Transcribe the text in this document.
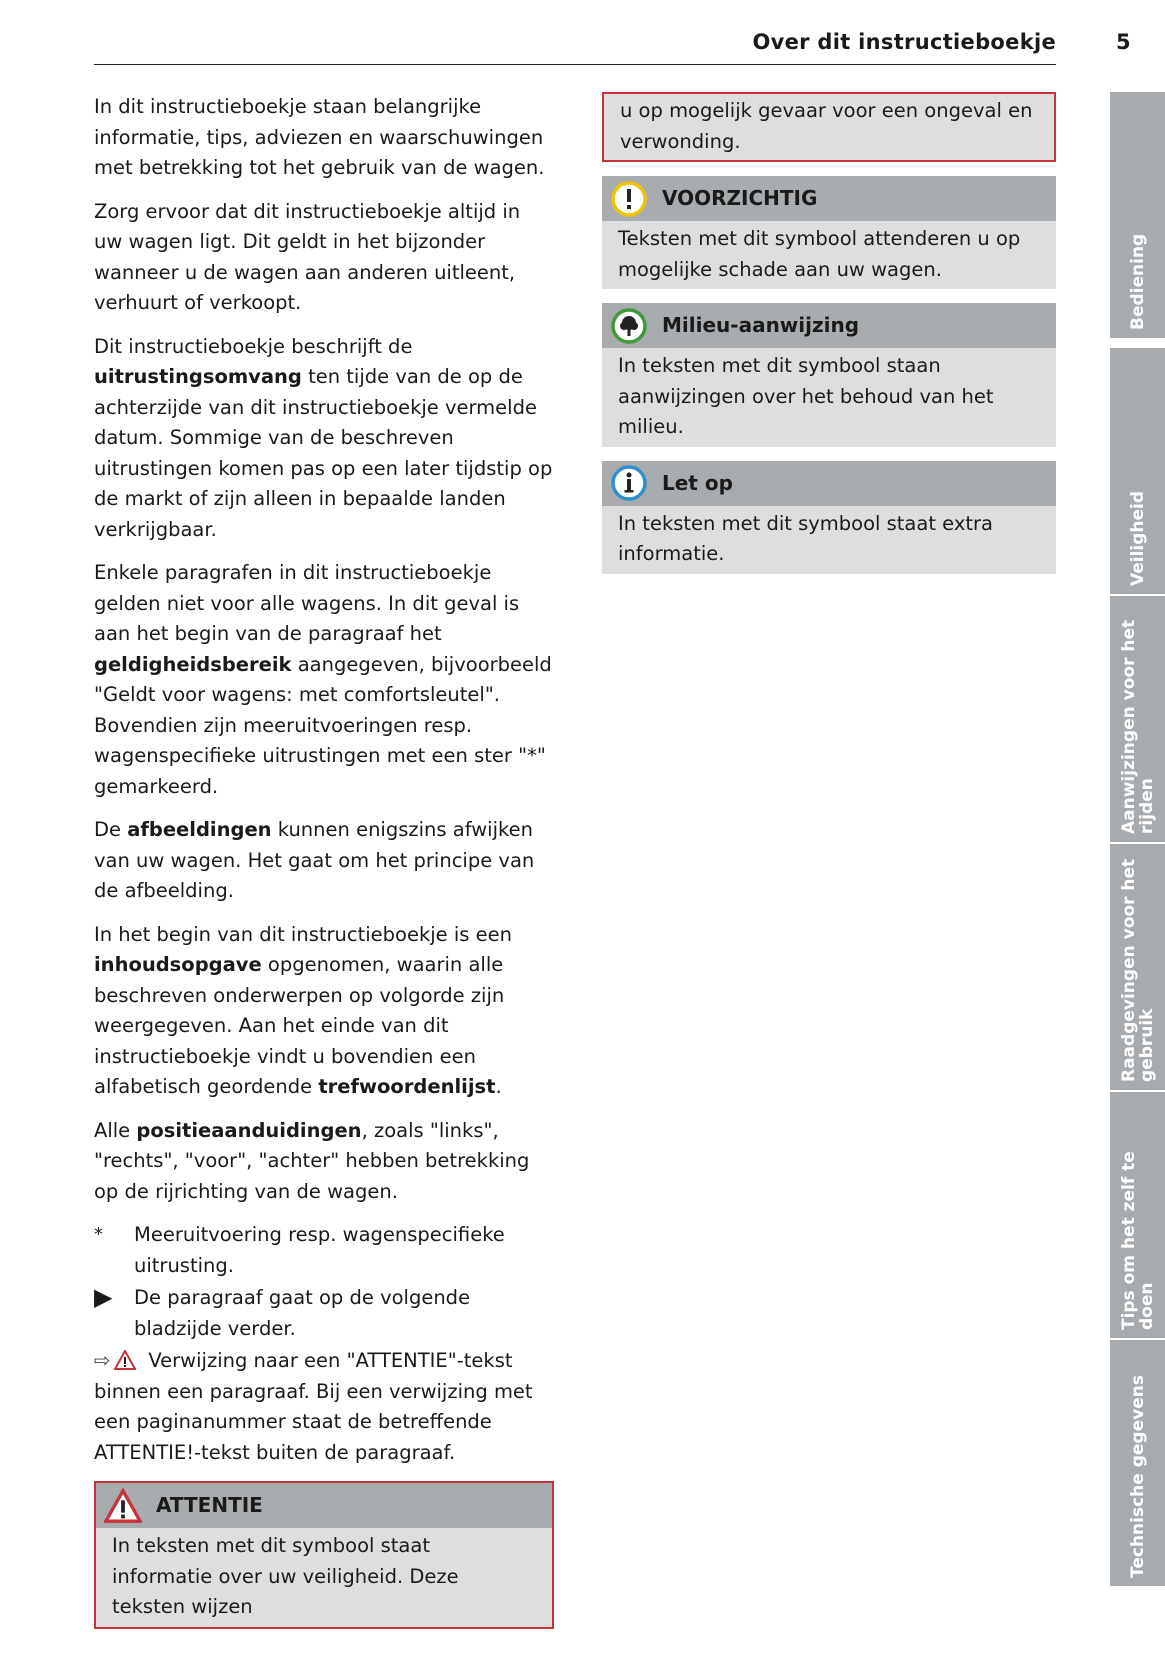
Over dit instructieboekje	5

In dit instructieboekje staan belangrijke informatie, tips, adviezen en waarschuwingen met betrekking tot het gebruik van de wagen.

Zorg ervoor dat dit instructieboekje altijd in uw wagen ligt. Dit geldt in het bijzonder wanneer u de wagen aan anderen uitleent, verhuurt of verkoopt.

Dit instructieboekje beschrijft de uitrustingsomvang ten tijde van de op de achterzijde van dit instructieboekje vermelde datum. Sommige van de beschreven uitrustingen komen pas op een later tijdstip op de markt of zijn alleen in bepaalde landen verkrijgbaar.

Enkele paragrafen in dit instructieboekje gelden niet voor alle wagens. In dit geval is aan het begin van de paragraaf het geldigheidsbereik aangegeven, bijvoorbeeld "Geldt voor wagens: met comfortsleutel". Bovendien zijn meeruitvoeringen resp. wagenspecifieke uitrustingen met een ster "*" gemarkeerd.

De afbeeldingen kunnen enigszins afwijken van uw wagen. Het gaat om het principe van de afbeelding.

In het begin van dit instructieboekje is een inhoudsopgave opgenomen, waarin alle beschreven onderwerpen op volgorde zijn weergegeven. Aan het einde van dit instructieboekje vindt u bovendien een alfabetisch geordende trefwoordenlijst.

Alle positieaanduidingen, zoals "links", "rechts", "voor", "achter" hebben betrekking op de rijrichting van de wagen.

*	Meeruitvoering resp. wagenspecifieke uitrusting.
▶	De paragraaf gaat op de volgende bladzijde verder.

⇨ Verwijzing naar een "ATTENTIE"-tekst binnen een paragraaf. Bij een verwijzing met een paginanummer staat de betreffende ATTENTIE!-tekst buiten de paragraaf.

ATTENTIE
In teksten met dit symbool staat informatie over uw veiligheid. Deze teksten wijzen
u op mogelijk gevaar voor een ongeval en verwonding.
VOORZICHTIG
Teksten met dit symbool attenderen u op mogelijke schade aan uw wagen.
Milieu-aanwijzing
In teksten met dit symbool staan aanwijzingen over het behoud van het milieu.
Let op
In teksten met dit symbool staat extra informatie.
Bediening
Veiligheid
Aanwijzingen voor het rijden
Raadgevingen voor het gebruik
Tips om het zelf te doen
Technische gegevens
